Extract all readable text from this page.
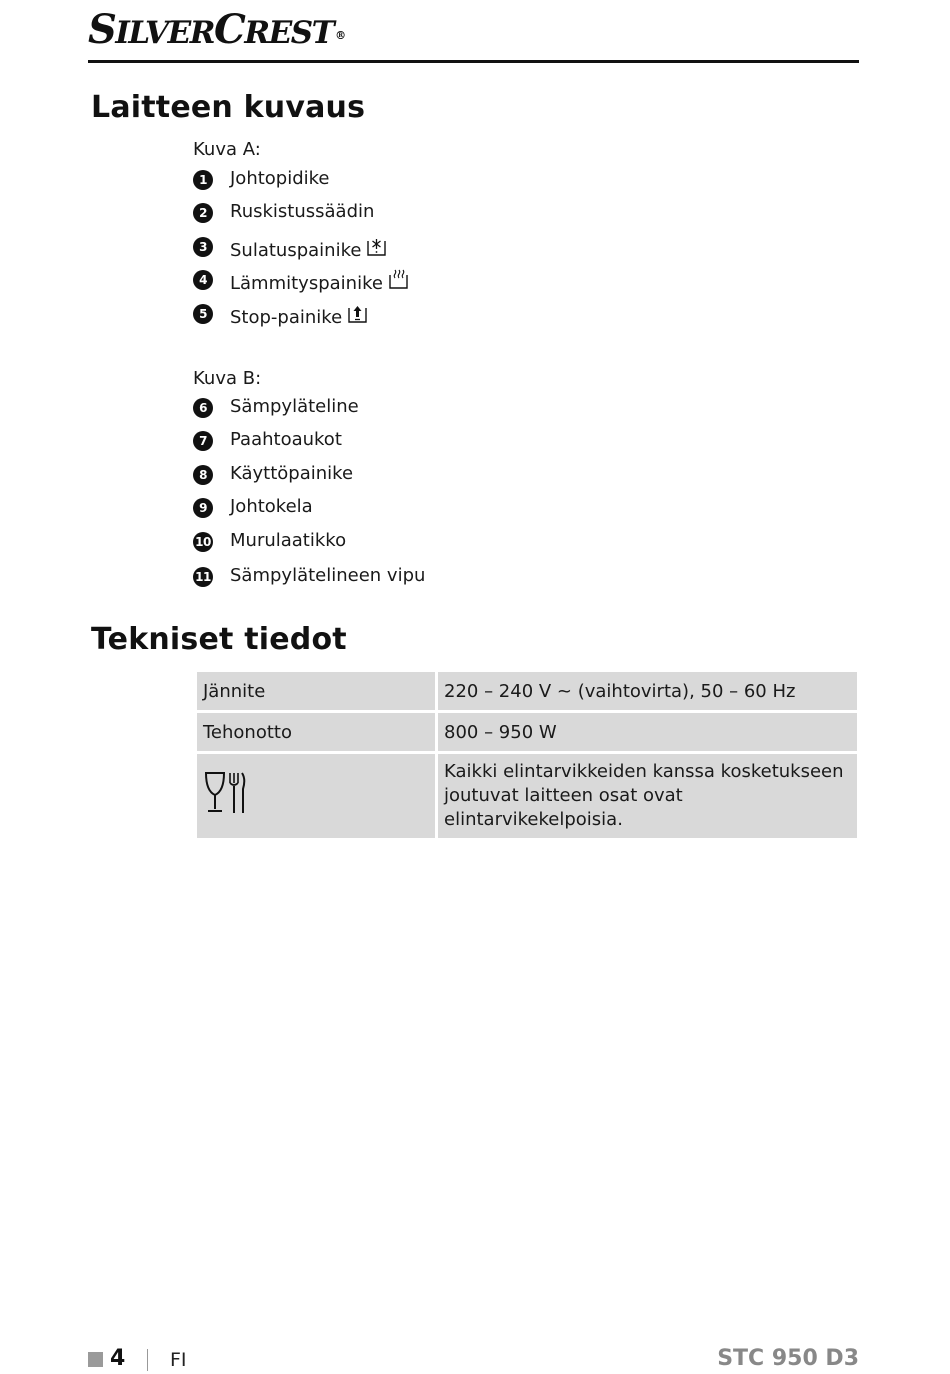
SILVERCREST ®
Laitteen kuvaus
Kuva A:
1	Johtopidike
2	Ruskistussäädin
3	Sulatuspainike
4	Lämmityspainike
5	Stop-painike
Kuva B:
6	Sämpyläteline
7	Paahtoaukot
8	Käyttöpainike
9	Johtokela
10 Murulaatikko
11 Sämpylätelineen vipu
Tekniset tiedot
Jännite	220 – 240 V ~ (vaihtovirta), 50 – 60 Hz
Tehonotto	800 – 950 W
	Kaikki elintarvikkeiden kanssa kosketukseen
joutuvat laitteen osat ovat elintarvikekelpoisia.
4 FI	STC 950 D3
